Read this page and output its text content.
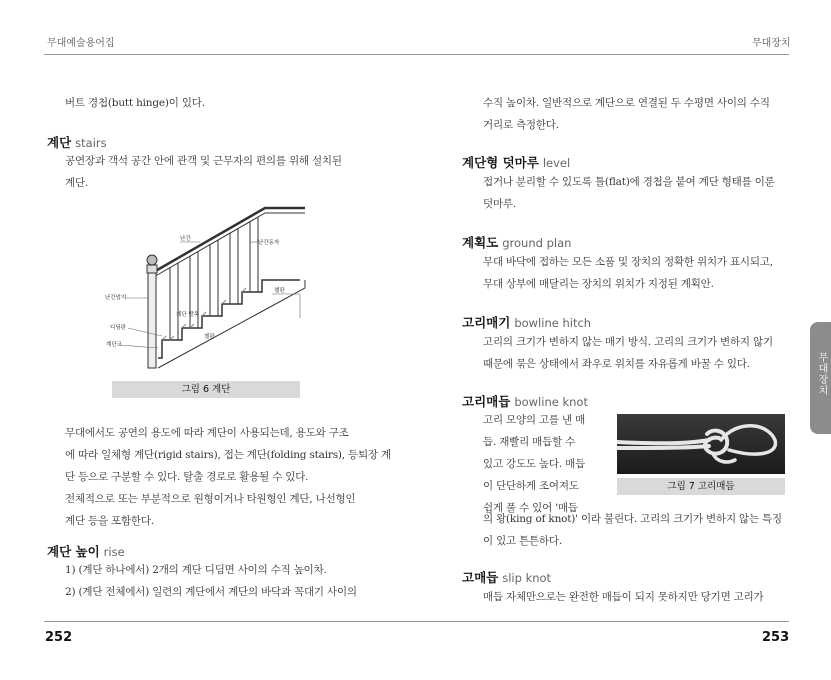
무대예술용어집	무대장치
버트 경첩(butt hinge)이 있다.
계단 stairs
공연장과 객석 공간 안에 관객 및 근무자의 편의를 위해 설치된
계단.
난간
난간동자
챌판
난간엄지
디딤판
계단코
계단 발목
챌판
그림 6 계단
무대에서도 공연의 용도에 따라 계단이 사용되는데, 용도와 구조
에 따라 일체형 계단(rigid stairs), 접는 계단(folding stairs), 등퇴장 계
단 등으로 구분할 수 있다. 탈출 경로로 활용될 수 있다.
전체적으로 또는 부분적으로 원형이거나 타원형인 계단, 나선형인
계단 등을 포함한다.
계단 높이 rise
1) (계단 하나에서) 2개의 계단 디딤면 사이의 수직 높이차.
2) (계단 전체에서) 일련의 계단에서 계단의 바닥과 꼭대기 사이의
수직 높이차. 일반적으로 계단으로 연결된 두 수평면 사이의 수직
거리로 측정한다.
계단형 덧마루 level
접거나 분리할 수 있도록 틀(flat)에 경첩을 붙여 계단 형태를 이룬
덧마루.
계획도 ground plan
무대 바닥에 접하는 모든 소품 및 장치의 정확한 위치가 표시되고,
무대 상부에 매달리는 장치의 위치가 지정된 계획안.
고리매기 bowline hitch
고리의 크기가 변하지 않는 매기 방식. 고리의 크기가 변하지 않기
때문에 묶은 상태에서 좌우로 위치를 자유롭게 바꿀 수 있다.
고리매듭 bowline knot
고리 모양의 고를 낸 매
듭. 재빨리 매듭할 수
있고 강도도 높다. 매듭
이 단단하게 조여져도
쉽게 풀 수 있어 '매듭
그림 7 고리매듭
의 왕(king of knot)' 이라 불린다. 고리의 크기가 변하지 않는 특징
이 있고 튼튼하다.
고매듭 slip knot
매듭 자체만으로는 완전한 매듭이 되지 못하지만 당기면 고리가
무대장치
252	253
